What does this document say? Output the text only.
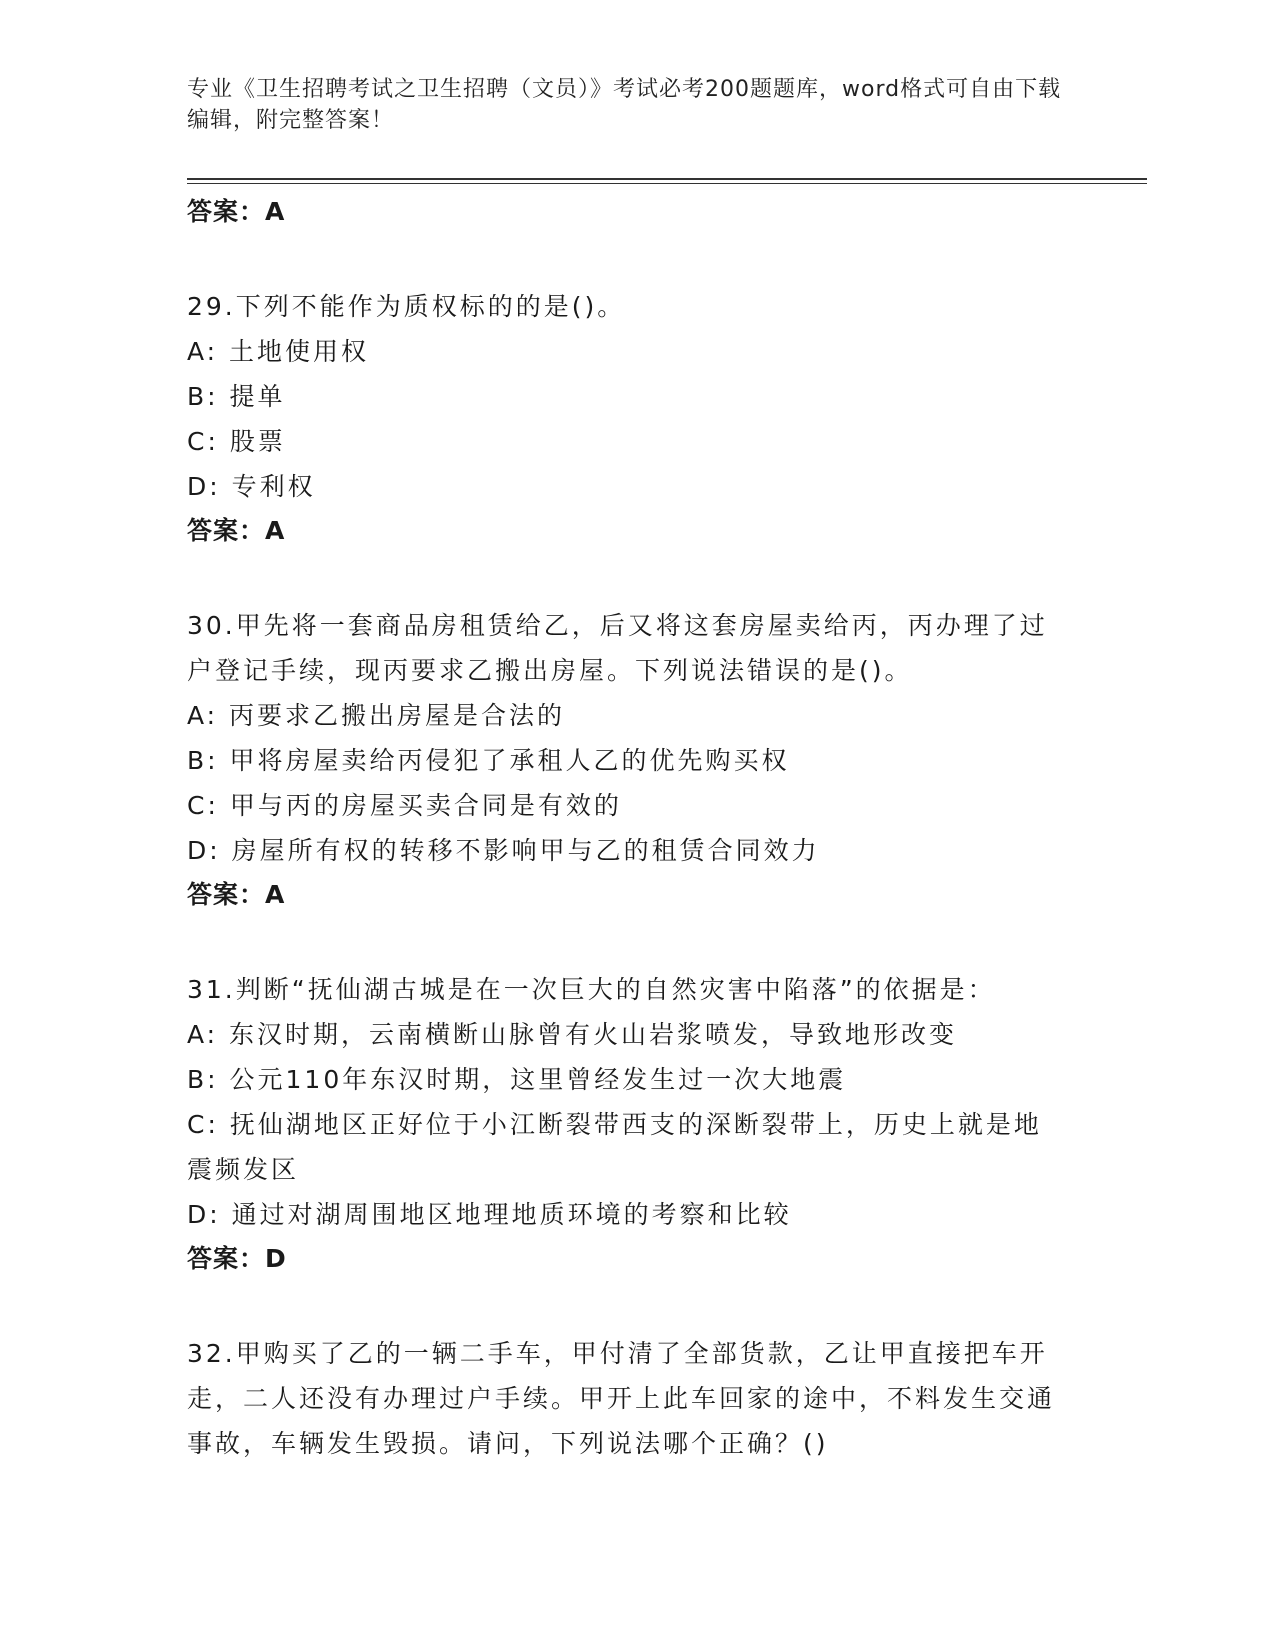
专业《卫生招聘考试之卫生招聘（文员）》考试必考200题题库，word格式可自由下载编辑，附完整答案！
答案：A
29.下列不能作为质权标的的是()。
A: 土地使用权
B: 提单
C: 股票
D: 专利权
答案：A
30.甲先将一套商品房租赁给乙，后又将这套房屋卖给丙，丙办理了过户登记手续，现丙要求乙搬出房屋。下列说法错误的是()。
A: 丙要求乙搬出房屋是合法的
B: 甲将房屋卖给丙侵犯了承租人乙的优先购买权
C: 甲与丙的房屋买卖合同是有效的
D: 房屋所有权的转移不影响甲与乙的租赁合同效力
答案：A
31.判断“抚仙湖古城是在一次巨大的自然灾害中陷落”的依据是：
A: 东汉时期，云南横断山脉曾有火山岩浆喷发，导致地形改变
B: 公元110年东汉时期，这里曾经发生过一次大地震
C: 抚仙湖地区正好位于小江断裂带西支的深断裂带上，历史上就是地震频发区
D: 通过对湖周围地区地理地质环境的考察和比较
答案：D
32.甲购买了乙的一辆二手车，甲付清了全部货款，乙让甲直接把车开走，二人还没有办理过户手续。甲开上此车回家的途中，不料发生交通事故，车辆发生毁损。请问，下列说法哪个正确？()
